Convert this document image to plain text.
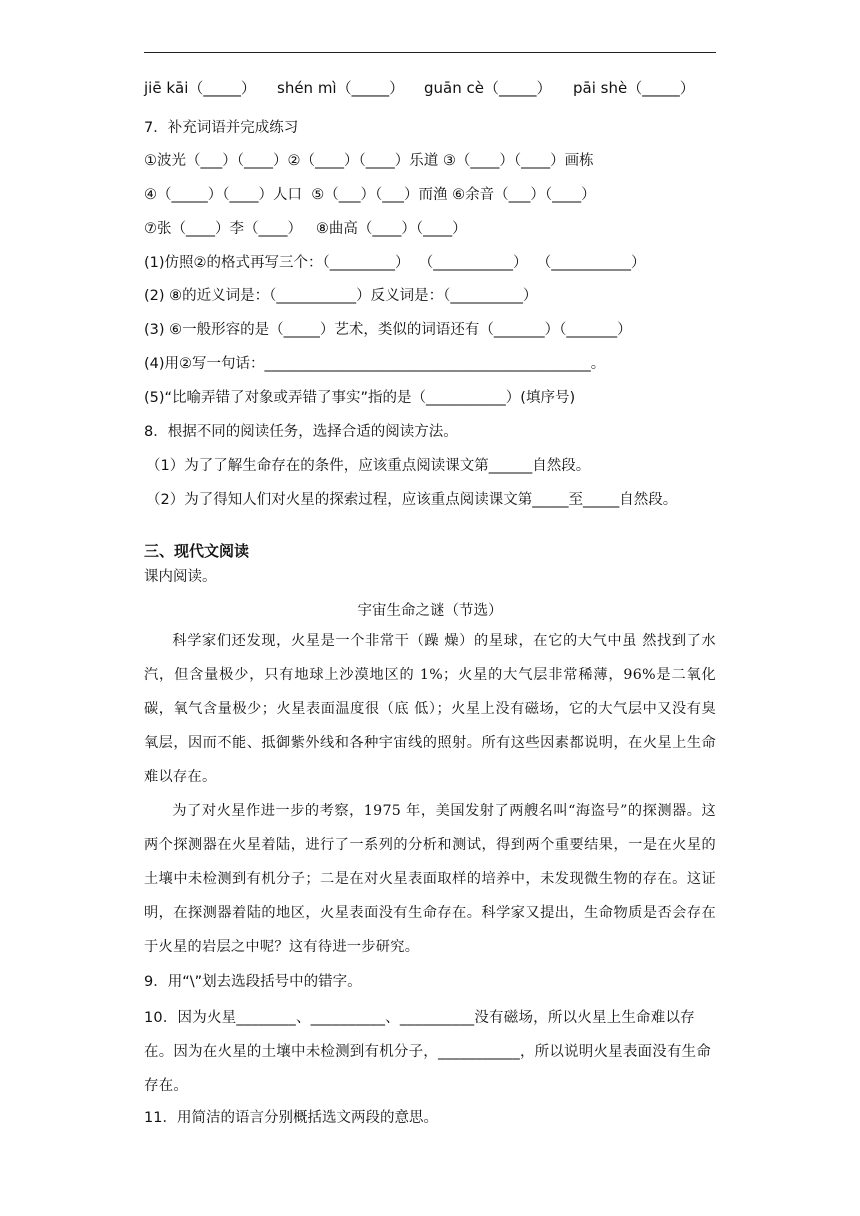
jiē kāi（_____） shén mì（_____） guān cè（_____） pāi shè（_____）
7．补充词语并完成练习
①波光（___）（____）②（____）（____）乐道 ③（____）（____）画栋
④（_____）（____）人口  ⑤（___）（___）而渔 ⑥余音（___）（____）
⑦张（____）李（____）   ⑧曲高（____）（____）
(1)仿照②的格式再写三个：（_________）  （___________）  （___________）
(2) ⑧的近义词是：（___________）反义词是：（__________）
(3) ⑥一般形容的是（_____）艺术，类似的词语还有（_______）（_______）
(4)用②写一句话：_____________________________________________。
(5)“比喻弄错了对象或弄错了事实”指的是（___________）(填序号)
8．根据不同的阅读任务，选择合适的阅读方法。
（1）为了了解生命存在的条件，应该重点阅读课文第______自然段。
（2）为了得知人们对火星的探索过程，应该重点阅读课文第_____至_____自然段。
三、现代文阅读
课内阅读。
宇宙生命之谜（节选）

科学家们还发现，火星是一个非常干（躁 燥）的星球，在它的大气中虽 然找到了水汽，但含量极少，只有地球上沙漠地区的 1%；火星的大气层非常稀薄，96%是二氧化碳，氧气含量极少；火星表面温度很（底 低）；火星上没有磁场，它的大气层中又没有臭氧层，因而不能、抵御紫外线和各种宇宙线的照射。所有这些因素都说明，在火星上生命难以存在。

为了对火星作进一步的考察，1975 年，美国发射了两艘名叫“海盗号”的探测器。这两个探测器在火星着陆，进行了一系列的分析和测试，得到两个重要结果，一是在火星的土壤中未检测到有机分子；二是在对火星表面取样的培养中，未发现微生物的存在。这证明，在探测器着陆的地区，火星表面没有生命存在。科学家又提出，生命物质是否会存在于火星的岩层之中呢？这有待进一步研究。

9．用“\”划去选段括号中的错字。
10．因为火星________、__________、__________没有磁场，所以火星上生命难以存在。因为在火星的土壤中未检测到有机分子，___________，所以说明火星表面没有生命存在。
11．用简洁的语言分别概括选文两段的意思。
